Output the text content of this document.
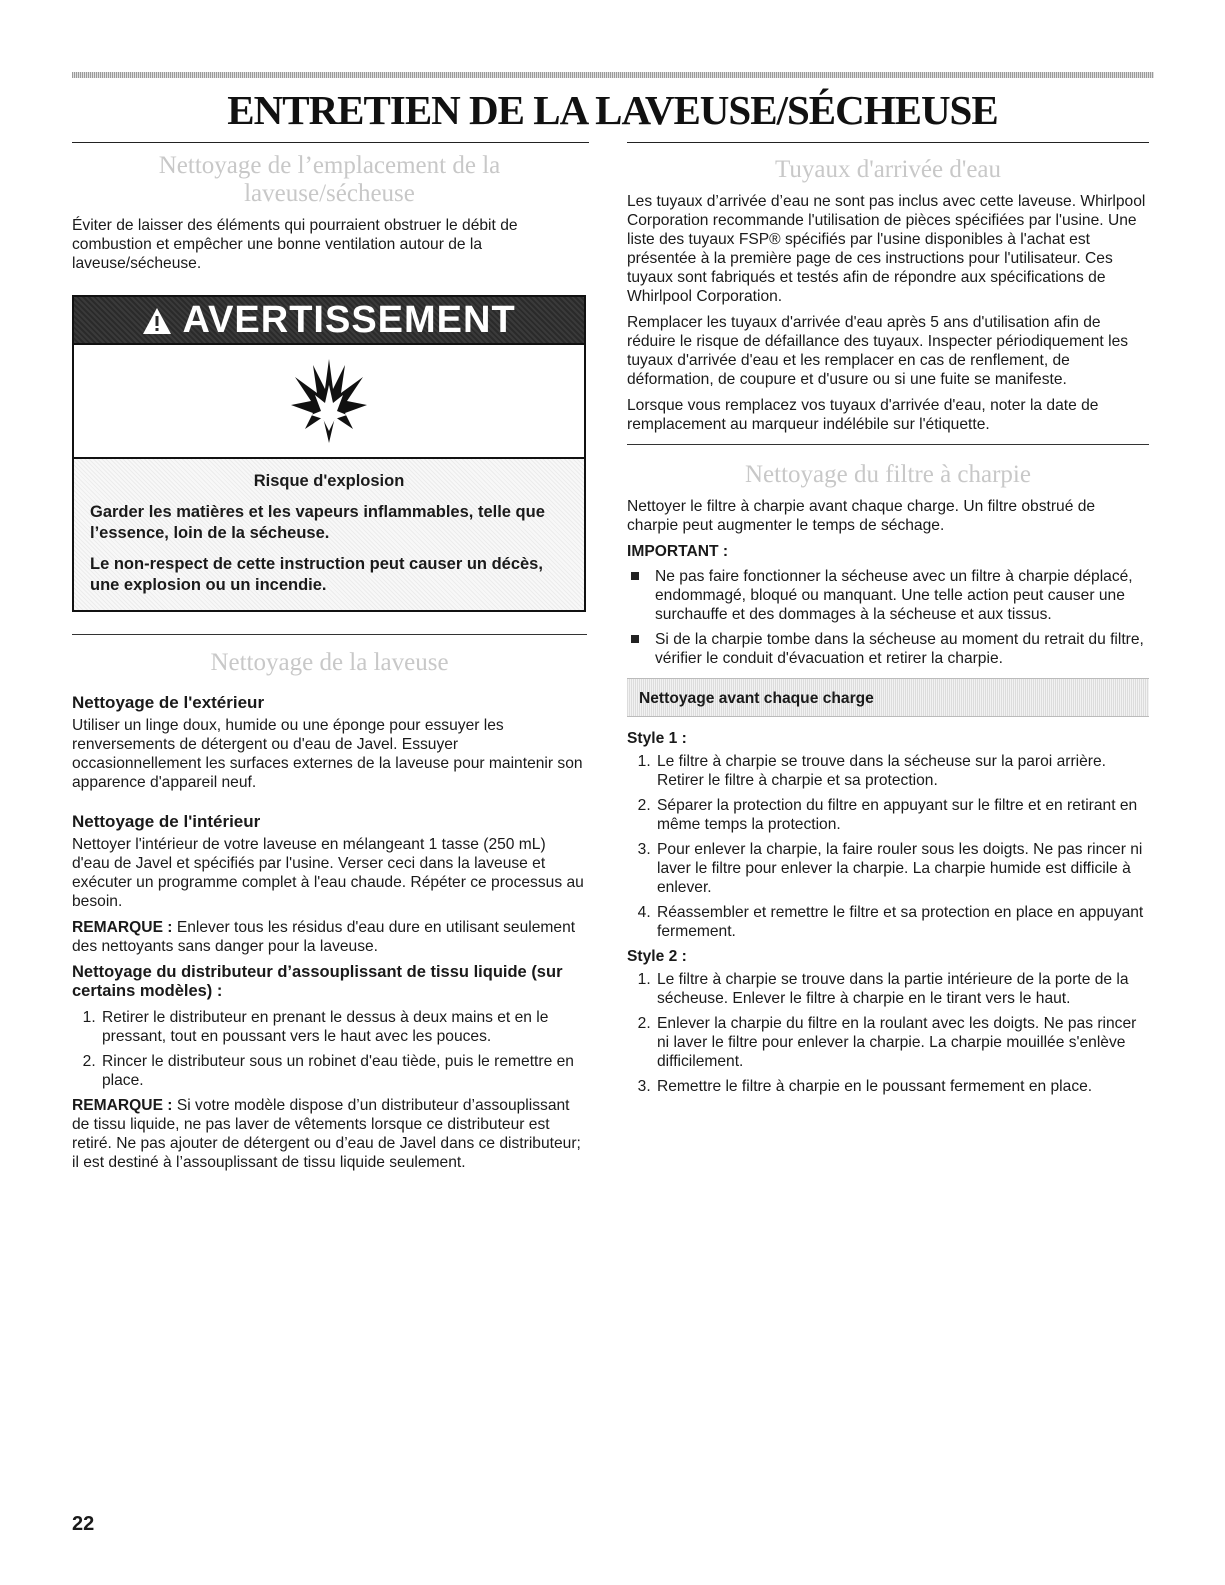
ENTRETIEN DE LA LAVEUSE/SÉCHEUSE
Nettoyage de l’emplacement de la laveuse/sécheuse

Éviter de laisser des éléments qui pourraient obstruer le débit de combustion et empêcher une bonne ventilation autour de la laveuse/sécheuse.

AVERTISSEMENT
Risque d'explosion

Garder les matières et les vapeurs inflammables, telle que l’essence, loin de la sécheuse.

Le non-respect de cette instruction peut causer un décès, une explosion ou un incendie.

Nettoyage de la laveuse
Nettoyage de l'extérieur

Utiliser un linge doux, humide ou une éponge pour essuyer les renversements de détergent ou d'eau de Javel. Essuyer occasionnellement les surfaces externes de la laveuse pour maintenir son apparence d'appareil neuf.

Nettoyage de l'intérieur

Nettoyer l'intérieur de votre laveuse en mélangeant 1 tasse (250 mL) d'eau de Javel et spécifiés par l'usine. Verser ceci dans la laveuse et exécuter un programme complet à l'eau chaude. Répéter ce processus au besoin.

REMARQUE : Enlever tous les résidus d'eau dure en utilisant seulement des nettoyants sans danger pour la laveuse.

Nettoyage du distributeur d’assouplissant de tissu liquide (sur certains modèles) :

1. Retirer le distributeur en prenant le dessus à deux mains et en le pressant, tout en poussant vers le haut avec les pouces.
2. Rincer le distributeur sous un robinet d'eau tiède, puis le remettre en place.

REMARQUE : Si votre modèle dispose d’un distributeur d’assouplissant de tissu liquide, ne pas laver de vêtements lorsque ce distributeur est retiré. Ne pas ajouter de détergent ou d’eau de Javel dans ce distributeur; il est destiné à l’assouplissant de tissu liquide seulement.

Tuyaux d'arrivée d'eau

Les tuyaux d’arrivée d’eau ne sont pas inclus avec cette laveuse. Whirlpool Corporation recommande l'utilisation de pièces spécifiées par l'usine. Une liste des tuyaux FSP® spécifiés par l'usine disponibles à l'achat est présentée à la première page de ces instructions pour l'utilisateur. Ces tuyaux sont fabriqués et testés afin de répondre aux spécifications de Whirlpool Corporation.

Remplacer les tuyaux d'arrivée d'eau après 5 ans d'utilisation afin de réduire le risque de défaillance des tuyaux. Inspecter périodiquement les tuyaux d'arrivée d'eau et les remplacer en cas de renflement, de déformation, de coupure et d'usure ou si une fuite se manifeste.

Lorsque vous remplacez vos tuyaux d'arrivée d'eau, noter la date de remplacement au marqueur indélébile sur l'étiquette.

Nettoyage du filtre à charpie

Nettoyer le filtre à charpie avant chaque charge. Un filtre obstrué de charpie peut augmenter le temps de séchage.

IMPORTANT :
Ne pas faire fonctionner la sécheuse avec un filtre à charpie déplacé, endommagé, bloqué ou manquant. Une telle action peut causer une surchauffe et des dommages à la sécheuse et aux tissus.
Si de la charpie tombe dans la sécheuse au moment du retrait du filtre, vérifier le conduit d'évacuation et retirer la charpie.
Nettoyage avant chaque charge
Style 1 :
1. Le filtre à charpie se trouve dans la sécheuse sur la paroi arrière. Retirer le filtre à charpie et sa protection.
2. Séparer la protection du filtre en appuyant sur le filtre et en retirant en même temps la protection.
3. Pour enlever la charpie, la faire rouler sous les doigts. Ne pas rincer ni laver le filtre pour enlever la charpie. La charpie humide est difficile à enlever.
4. Réassembler et remettre le filtre et sa protection en place en appuyant fermement.
Style 2 :
1. Le filtre à charpie se trouve dans la partie intérieure de la porte de la sécheuse. Enlever le filtre à charpie en le tirant vers le haut.
2. Enlever la charpie du filtre en la roulant avec les doigts. Ne pas rincer ni laver le filtre pour enlever la charpie. La charpie mouillée s'enlève difficilement.
3. Remettre le filtre à charpie en le poussant fermement en place.
22
